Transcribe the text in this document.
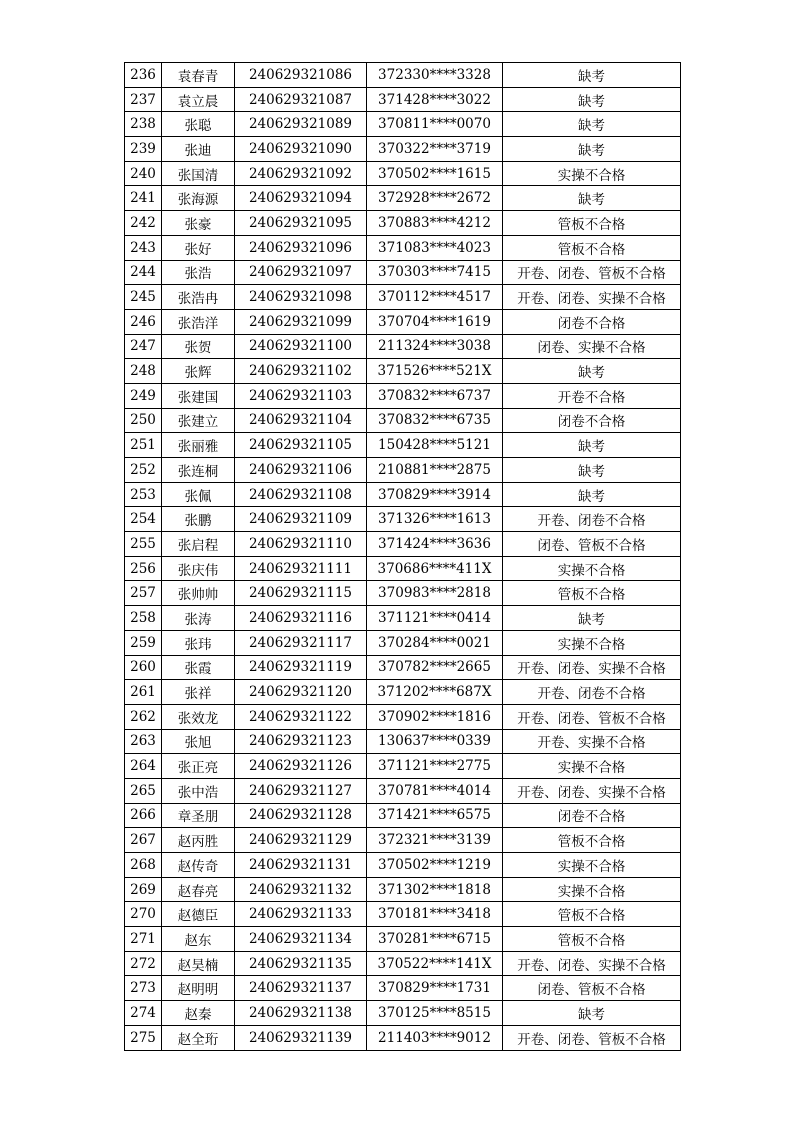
236	袁春青	240629321086	372330****3328	缺考
237	袁立晨	240629321087	371428****3022	缺考
238	张聪	240629321089	370811****0070	缺考
239	张迪	240629321090	370322****3719	缺考
240	张国清	240629321092	370502****1615	实操不合格
241	张海源	240629321094	372928****2672	缺考
242	张豪	240629321095	370883****4212	管板不合格
243	张好	240629321096	371083****4023	管板不合格
244	张浩	240629321097	370303****7415	开卷、闭卷、管板不合格
245	张浩冉	240629321098	370112****4517	开卷、闭卷、实操不合格
246	张浩洋	240629321099	370704****1619	闭卷不合格
247	张贺	240629321100	211324****3038	闭卷、实操不合格
248	张辉	240629321102	371526****521X	缺考
249	张建国	240629321103	370832****6737	开卷不合格
250	张建立	240629321104	370832****6735	闭卷不合格
251	张丽雅	240629321105	150428****5121	缺考
252	张连桐	240629321106	210881****2875	缺考
253	张佩	240629321108	370829****3914	缺考
254	张鹏	240629321109	371326****1613	开卷、闭卷不合格
255	张启程	240629321110	371424****3636	闭卷、管板不合格
256	张庆伟	240629321111	370686****411X	实操不合格
257	张帅帅	240629321115	370983****2818	管板不合格
258	张涛	240629321116	371121****0414	缺考
259	张玮	240629321117	370284****0021	实操不合格
260	张霞	240629321119	370782****2665	开卷、闭卷、实操不合格
261	张祥	240629321120	371202****687X	开卷、闭卷不合格
262	张效龙	240629321122	370902****1816	开卷、闭卷、管板不合格
263	张旭	240629321123	130637****0339	开卷、实操不合格
264	张正亮	240629321126	371121****2775	实操不合格
265	张中浩	240629321127	370781****4014	开卷、闭卷、实操不合格
266	章圣朋	240629321128	371421****6575	闭卷不合格
267	赵丙胜	240629321129	372321****3139	管板不合格
268	赵传奇	240629321131	370502****1219	实操不合格
269	赵春亮	240629321132	371302****1818	实操不合格
270	赵德臣	240629321133	370181****3418	管板不合格
271	赵东	240629321134	370281****6715	管板不合格
272	赵昊楠	240629321135	370522****141X	开卷、闭卷、实操不合格
273	赵明明	240629321137	370829****1731	闭卷、管板不合格
274	赵秦	240629321138	370125****8515	缺考
275	赵全珩	240629321139	211403****9012	开卷、闭卷、管板不合格
